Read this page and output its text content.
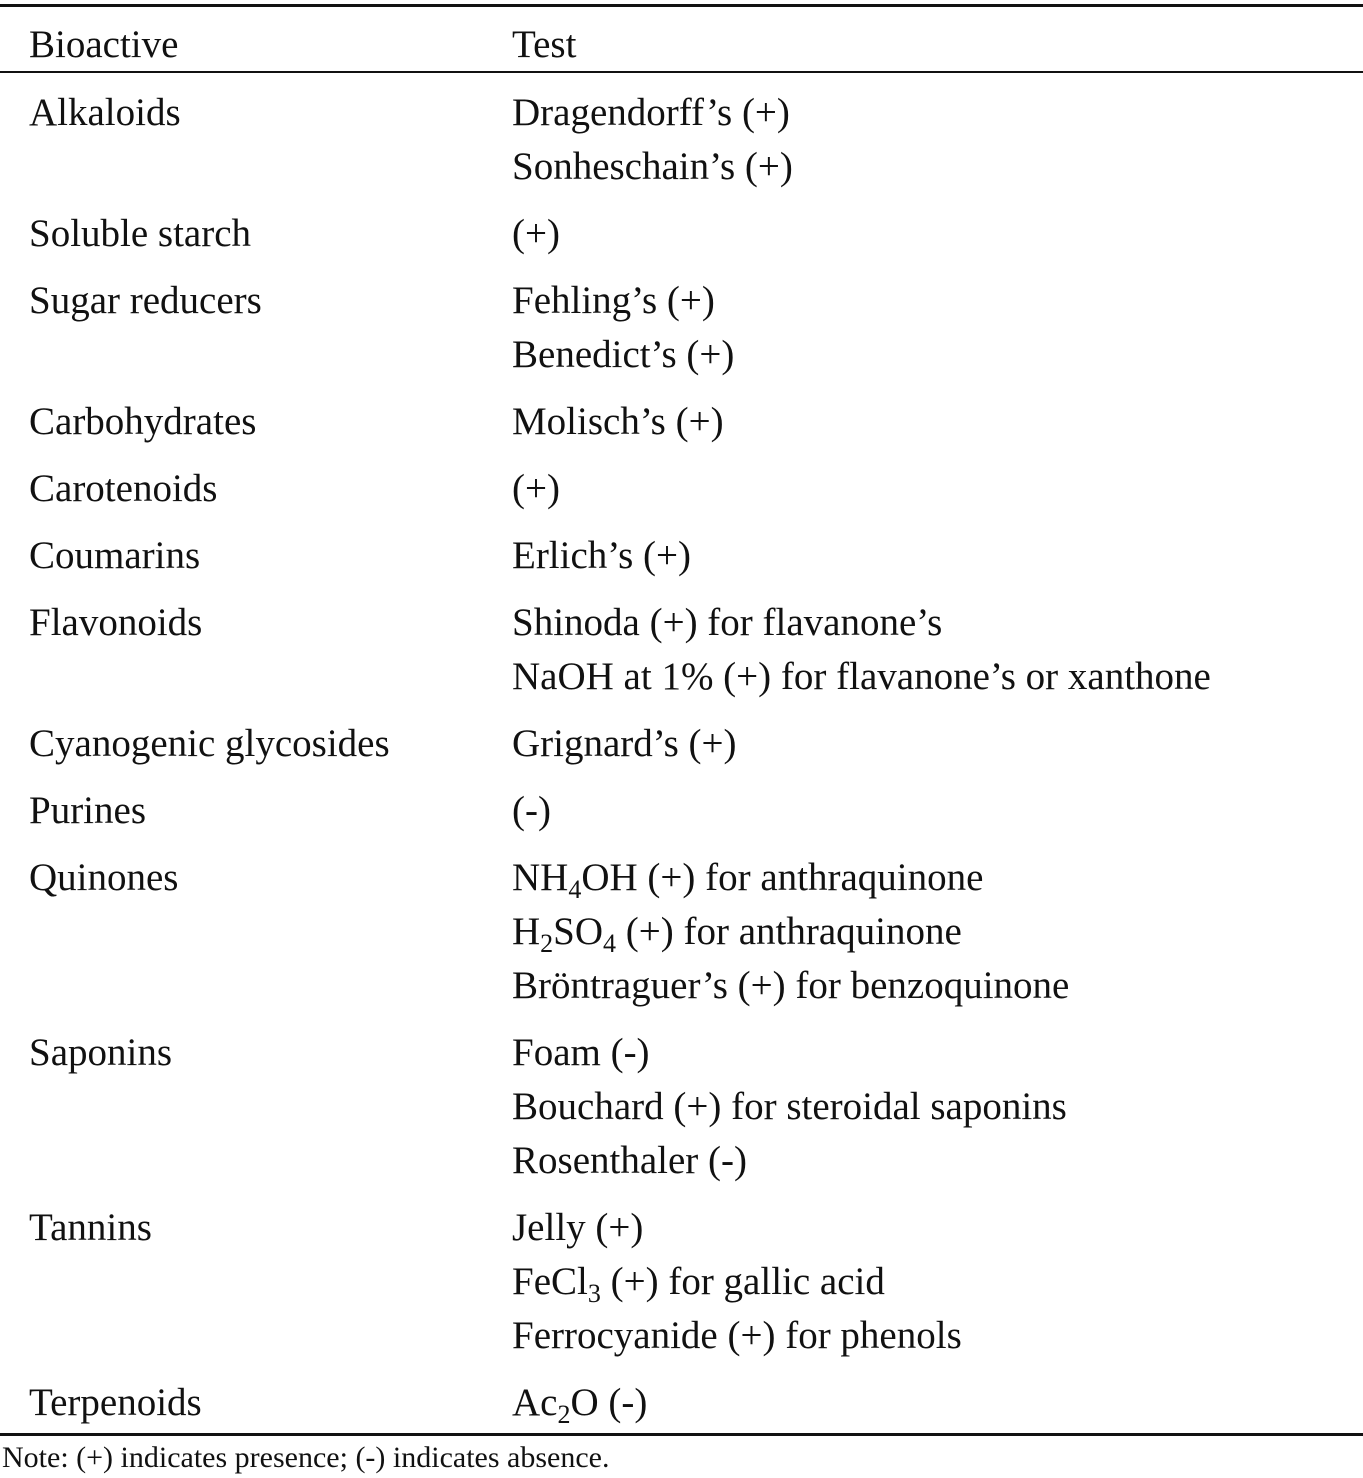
Bioactive	Test
Alkaloids	Dragendorff’s (+)
Sonheschain’s (+)
Soluble starch	(+)
Sugar reducers	Fehling’s (+)
Benedict’s (+)
Carbohydrates	Molisch’s (+)
Carotenoids	(+)
Coumarins	Erlich’s (+)
Flavonoids	Shinoda (+) for flavanone’s
NaOH at 1% (+) for flavanone’s or xanthone
Cyanogenic glycosides	Grignard’s (+)
Purines	(-)
Quinones	$NH_4OH$ (+) for anthraquinone
$H_2SO_4$ (+) for anthraquinone
Bröntraguer’s (+) for benzoquinone
Saponins	Foam (-)
Bouchard (+) for steroidal saponins
Rosenthaler (-)
Tannins	Jelly (+)
FeCl$_3$ (+) for gallic acid
Ferrocyanide (+) for phenols
Terpenoids	$Ac_2O$ (-)
Note: (+) indicates presence; (-) indicates absence.
